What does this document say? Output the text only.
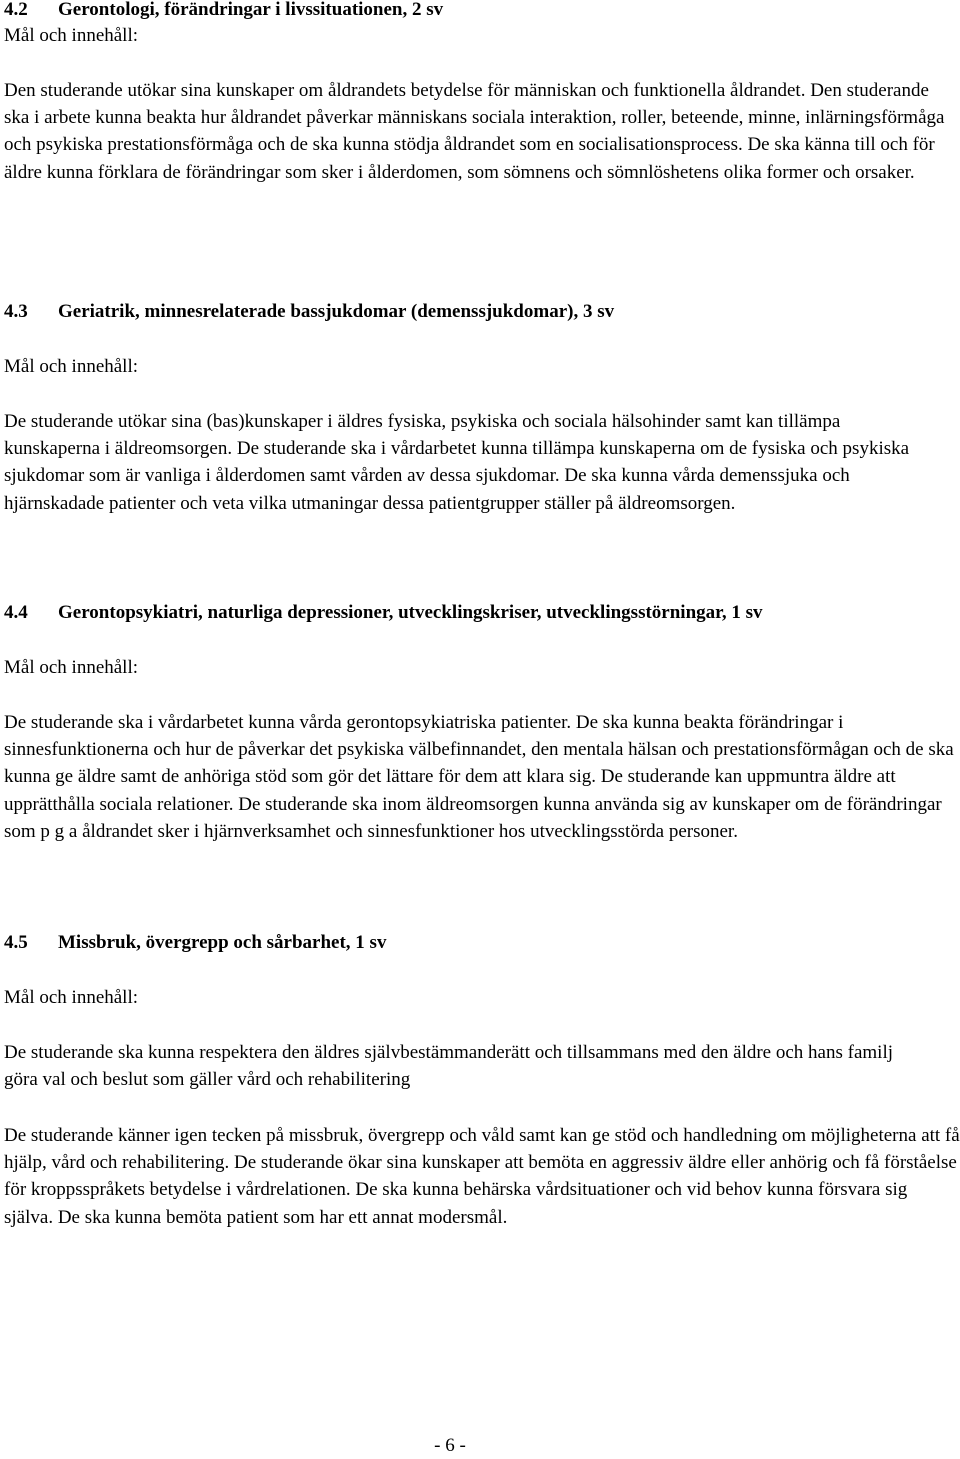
4.2 Gerontologi, förändringar i livssituationen, 2 sv
Mål och innehåll:
Den studerande utökar sina kunskaper om åldrandets betydelse för människan och funktionella åldrandet. Den studerande ska i arbete kunna beakta hur åldrandet påverkar människans sociala interaktion, roller, beteende, minne, inlärningsförmåga och psykiska prestationsförmåga och de ska kunna stödja åldrandet som en socialisationsprocess. De ska känna till och för äldre kunna förklara de förändringar som sker i ålderdomen, som sömnens och sömnlöshetens olika former och orsaker.
4.3 Geriatrik, minnesrelaterade bassjukdomar (demenssjukdomar), 3 sv
Mål och innehåll:
De studerande utökar sina (bas)kunskaper i äldres fysiska, psykiska och sociala hälsohinder samt kan tillämpa kunskaperna i äldreomsorgen. De studerande ska i vårdarbetet kunna tillämpa kunskaperna om de fysiska och psykiska sjukdomar som är vanliga i ålderdomen samt vården av dessa sjukdomar. De ska kunna vårda demenssjuka och hjärnskadade patienter och veta vilka utmaningar dessa patientgrupper ställer på äldreomsorgen.
4.4 Gerontopsykiatri, naturliga depressioner, utvecklingskriser, utvecklingsstörningar, 1 sv
Mål och innehåll:
De studerande ska i vårdarbetet kunna vårda gerontopsykiatriska patienter. De ska kunna beakta förändringar i sinnesfunktionerna och hur de påverkar det psykiska välbefinnandet, den mentala hälsan och prestationsförmågan och de ska kunna ge äldre samt de anhöriga stöd som gör det lättare för dem att klara sig. De studerande kan uppmuntra äldre att upprätthålla sociala relationer. De studerande ska inom äldreomsorgen kunna använda sig av kunskaper om de förändringar som p g a åldrandet sker i hjärnverksamhet och sinnesfunktioner hos utvecklingsstörda personer.
4.5 Missbruk, övergrepp och sårbarhet, 1 sv
Mål och innehåll:
De studerande ska kunna respektera den äldres självbestämmanderätt och tillsammans med den äldre och hans familj göra val och beslut som gäller vård och rehabilitering
De studerande känner igen tecken på missbruk, övergrepp och våld samt kan ge stöd och handledning om möjligheterna att få hjälp, vård och rehabilitering. De studerande ökar sina kunskaper att bemöta en aggressiv äldre eller anhörig och få förståelse för kroppsspråkets betydelse i vårdrelationen. De ska kunna behärska vårdsituationer och vid behov kunna försvara sig själva. De ska kunna bemöta patient som har ett annat modersmål.
- 6 -
